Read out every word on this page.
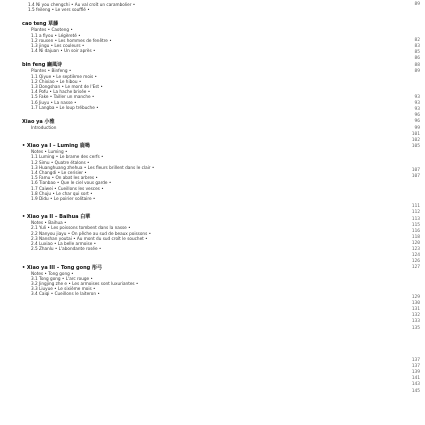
1.4 Ni you chengchi • Au val croît un carambolier •
1.5 feileng • Le vers soufflé •
cao teng 草藤
Plantes • Caoteng •
1.1 a fiyou • Légèreté •
1.2 rousen • Les hommes de fenêtre •
1.3 jingu • Les couleurs •
1.4 Ni dajuan • Un soir après •
bin feng 豳風诗
Plantes • Binfeng •
1.1 Qiyue • Le septième mois •
1.2 Chixiao • Le hibou •
1.3 Dongshan • Le mont de l'Est •
1.4 Pofu • La hache brisée •
1.5 Fake • Tailler un manche •
1.6 Jiuyu • La nasse •
1.7 Langba • Le loup trébuche •
Xiao ya 小雅
Introduction
• Xiao ya I – Luming 鹿鳴
Notes • Luming •
1.1 Luming • Le brame des cerfs •
1.2 Simu • Quatre étalons •
1.3 Huanghuang zhehua • Les fleurs brillent dans le clair •
1.4 Changdi • Le cerisier •
1.5 Famu • On abat les arbres •
1.6 Tianbao • Que le ciel vous garde •
1.7 Caiwei • Cueillons les vesces •
1.8 Chuju • Le char qui sort •
1.9 Didu • Le poirier solitaire •
• Xiao ya II – Baihua 白華
Notes • Baihua •
2.1 Yuli • Les poissons tombent dans la nasse •
2.2 Nanyou jiayu • On pêche au sud de beaux poissons •
2.3 Nanshan youtai • Au mont du sud croît le souchet •
2.4 Luxiao • La belle armoise •
2.5 Zhanlu • L'abondante rosée •
• Xiao ya III – Tong gong 彤弓
Notes • Tong gong •
3.1 Tong gong • L'arc rouge •
3.2 Jingjing zhe e • Les armoises sont luxuriantes •
3.3 Liuyue • Le sixième mois •
3.4 Caiqi • Cueillons le laiteron •
89
82
83
85
86
88
89
93
93
93
96
96
99
101
102
105
107
107
111
112
113
115
116
118
120
123
124
126
127
129
130
131
132
133
135
137
137
139
141
143
145
